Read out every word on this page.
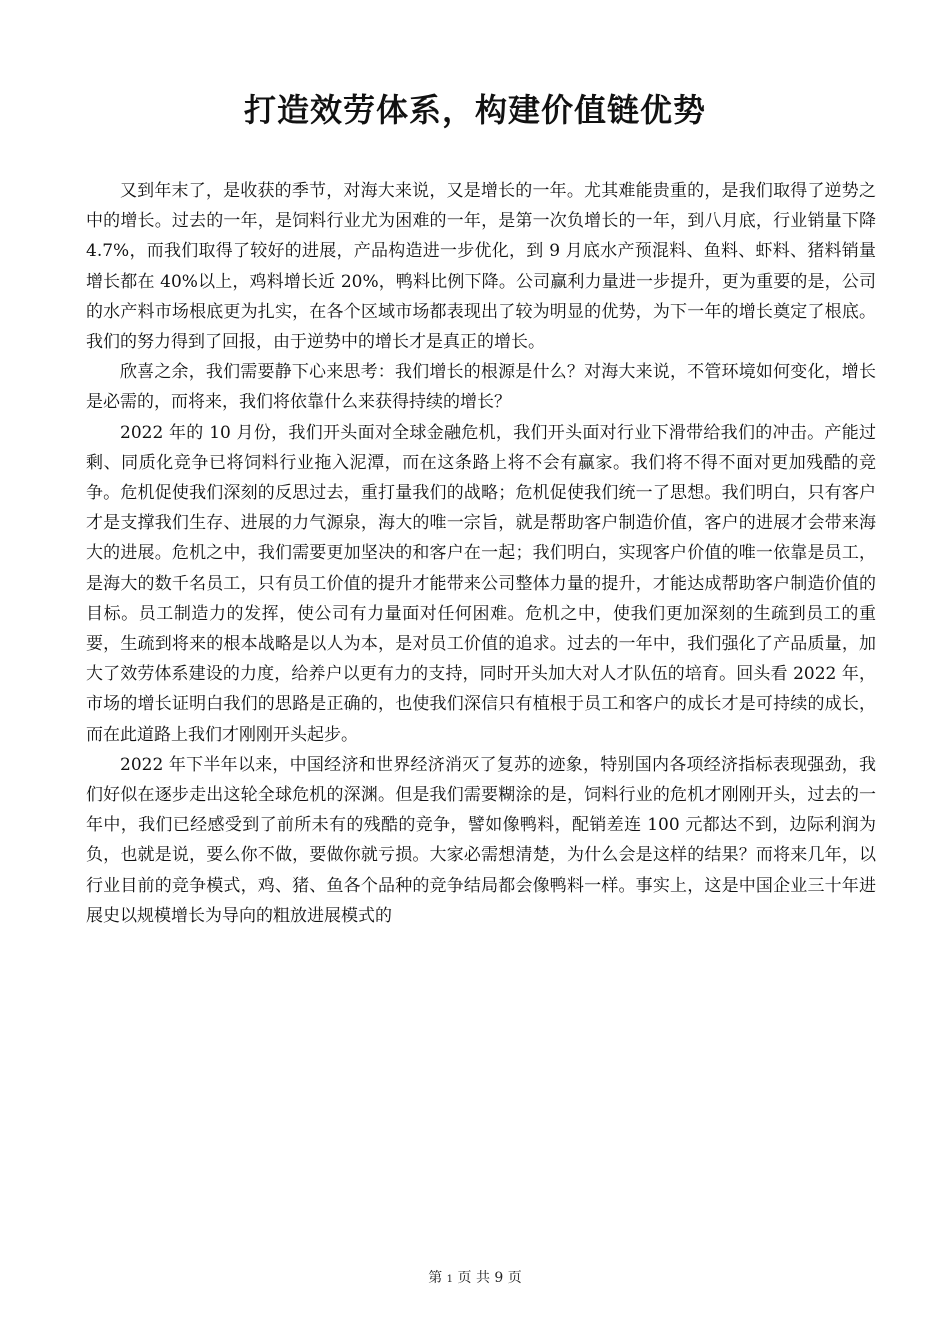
打造效劳体系，构建价值链优势

又到年末了，是收获的季节，对海大来说，又是增长的一年。尤其难能贵重的，是我们取得了逆势之中的增长。过去的一年，是饲料行业尤为困难的一年，是第一次负增长的一年，到八月底，行业销量下降 4.7%，而我们取得了较好的进展，产品构造进一步优化，到 9 月底水产预混料、鱼料、虾料、猪料销量增长都在 40%以上，鸡料增长近 20%，鸭料比例下降。公司赢利力量进一步提升，更为重要的是，公司的水产料市场根底更为扎实，在各个区域市场都表现出了较为明显的优势，为下一年的增长奠定了根底。我们的努力得到了回报，由于逆势中的增长才是真正的增长。

欣喜之余，我们需要静下心来思考：我们增长的根源是什么？对海大来说，不管环境如何变化，增长是必需的，而将来，我们将依靠什么来获得持续的增长？

2022 年的 10 月份，我们开头面对全球金融危机，我们开头面对行业下滑带给我们的冲击。产能过剩、同质化竞争已将饲料行业拖入泥潭，而在这条路上将不会有赢家。我们将不得不面对更加残酷的竞争。危机促使我们深刻的反思过去，重打量我们的战略；危机促使我们统一了思想。我们明白，只有客户才是支撑我们生存、进展的力气源泉，海大的唯一宗旨，就是帮助客户制造价值，客户的进展才会带来海大的进展。危机之中，我们需要更加坚决的和客户在一起；我们明白，实现客户价值的唯一依靠是员工，是海大的数千名员工，只有员工价值的提升才能带来公司整体力量的提升，才能达成帮助客户制造价值的目标。员工制造力的发挥，使公司有力量面对任何困难。危机之中，使我们更加深刻的生疏到员工的重要，生疏到将来的根本战略是以人为本，是对员工价值的追求。过去的一年中，我们强化了产品质量，加大了效劳体系建设的力度，给养户以更有力的支持，同时开头加大对人才队伍的培育。回头看 2022 年，市场的增长证明白我们的思路是正确的，也使我们深信只有植根于员工和客户的成长才是可持续的成长，而在此道路上我们才刚刚开头起步。

2022 年下半年以来，中国经济和世界经济消灭了复苏的迹象，特别国内各项经济指标表现强劲，我们好似在逐步走出这轮全球危机的深渊。但是我们需要糊涂的是，饲料行业的危机才刚刚开头，过去的一年中，我们已经感受到了前所未有的残酷的竞争，譬如像鸭料，配销差连 100 元都达不到，边际利润为负，也就是说，要么你不做，要做你就亏损。大家必需想清楚，为什么会是这样的结果？而将来几年，以行业目前的竞争模式，鸡、猪、鱼各个品种的竞争结局都会像鸭料一样。事实上，这是中国企业三十年进展史以规模增长为导向的粗放进展模式的

第 1 页 共 9 页
